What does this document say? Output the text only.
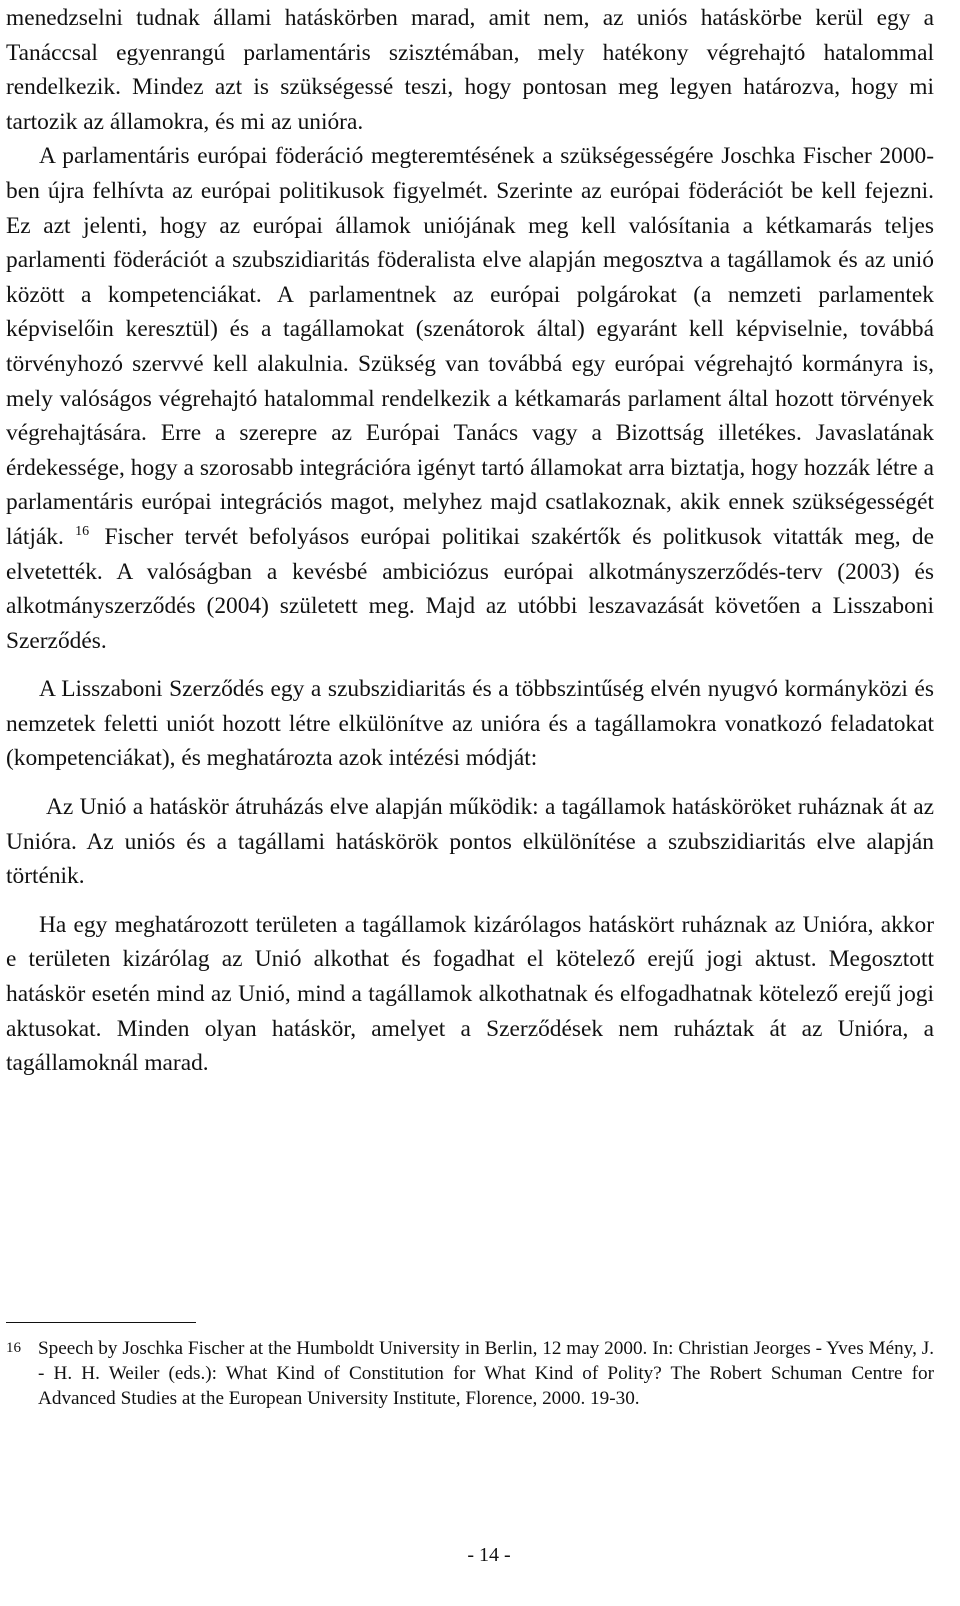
menedzselni tudnak állami hatáskörben marad, amit nem, az uniós hatáskörbe kerül egy a Tanáccsal egyenrangú parlamentáris szisztémában, mely hatékony végrehajtó hatalommal rendelkezik. Mindez azt is szükségessé teszi, hogy pontosan meg legyen határozva, hogy mi tartozik az államokra, és mi az unióra.

A parlamentáris európai föderáció megteremtésének a szükségességére Joschka Fischer 2000-ben újra felhívta az európai politikusok figyelmét. Szerinte az európai föderációt be kell fejezni. Ez azt jelenti, hogy az európai államok uniójának meg kell valósítania a kétkamarás teljes parlamenti föderációt a szubszidiaritás föderalista elve alapján megosztva a tagállamok és az unió között a kompetenciákat. A parlamentnek az európai polgárokat (a nemzeti parlamentek képviselőin keresztül) és a tagállamokat (szenátorok által) egyaránt kell képviselnie, továbbá törvényhozó szervvé kell alakulnia. Szükség van továbbá egy európai végrehajtó kormányra is, mely valóságos végrehajtó hatalommal rendelkezik a kétkamarás parlament által hozott törvények végrehajtására. Erre a szerepre az Európai Tanács vagy a Bizottság illetékes. Javaslatának érdekessége, hogy a szorosabb integrációra igényt tartó államokat arra biztatja, hogy hozzák létre a parlamentáris európai integrációs magot, melyhez majd csatlakoznak, akik ennek szükségességét látják. $^{16}$ Fischer tervét befolyásos európai politikai szakértők és politkusok vitatták meg, de elvetették. A valóságban a kevésbé ambiciózus európai alkotmányszerződés-terv (2003) és alkotmányszerződés (2004) született meg. Majd az utóbbi leszavazását követően a Lisszaboni Szerződés.

A Lisszaboni Szerződés egy a szubszidiaritás és a többszintűség elvén nyugvó kormányközi és nemzetek feletti uniót hozott létre elkülönítve az unióra és a tagállamokra vonatkozó feladatokat (kompetenciákat), és meghatározta azok intézési módját:

Az Unió a hatáskör átruházás elve alapján működik: a tagállamok hatásköröket ruháznak át az Unióra. Az uniós és a tagállami hatáskörök pontos elkülönítése a szubszidiaritás elve alapján történik.

Ha egy meghatározott területen a tagállamok kizárólagos hatáskört ruháznak az Unióra, akkor e területen kizárólag az Unió alkothat és fogadhat el kötelező erejű jogi aktust. Megosztott hatáskör esetén mind az Unió, mind a tagállamok alkothatnak és elfogadhatnak kötelező erejű jogi aktusokat. Minden olyan hatáskör, amelyet a Szerződések nem ruháztak át az Unióra, a tagállamoknál marad.

16 Speech by Joschka Fischer at the Humboldt University in Berlin, 12 may 2000. In: Christian Jeorges - Yves Mény, J. - H. H. Weiler (eds.): What Kind of Constitution for What Kind of Polity? The Robert Schuman Centre for Advanced Studies at the European University Institute, Florence, 2000. 19-30.
- 14 -
